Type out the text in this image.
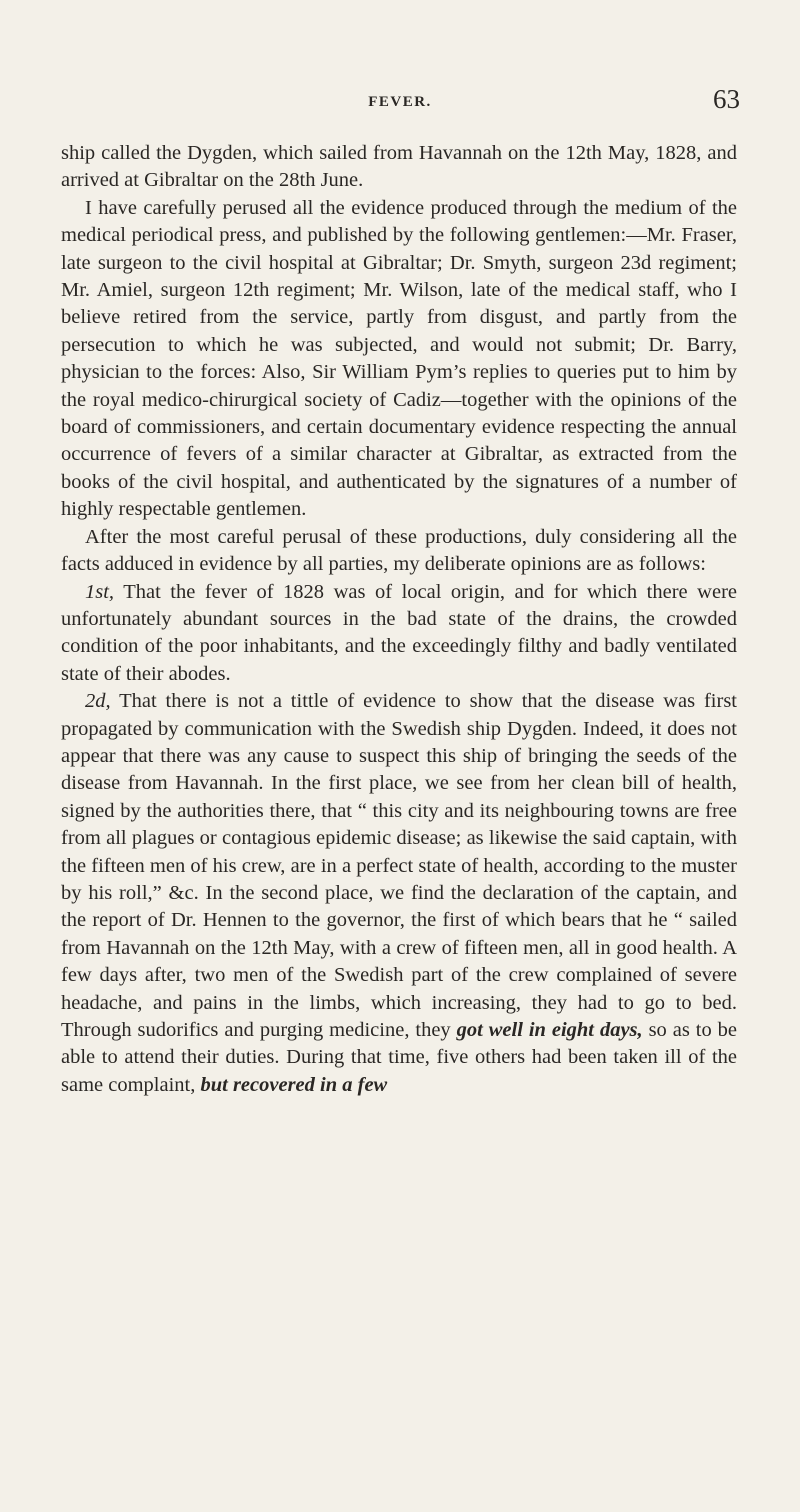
FEVER.	63

ship called the Dygden, which sailed from Havannah on the 12th May, 1828, and arrived at Gibraltar on the 28th June.

I have carefully perused all the evidence produced through the medium of the medical periodical press, and published by the following gentlemen:—Mr. Fraser, late surgeon to the civil hospital at Gibraltar; Dr. Smyth, surgeon 23d regiment; Mr. Amiel, surgeon 12th regiment; Mr. Wilson, late of the medical staff, who I believe retired from the service, partly from disgust, and partly from the persecution to which he was subjected, and would not submit; Dr. Barry, physician to the forces: Also, Sir William Pym’s replies to queries put to him by the royal medico-chirurgical society of Cadiz—together with the opinions of the board of commissioners, and certain documentary evidence respecting the annual occurrence of fevers of a similar character at Gibraltar, as extracted from the books of the civil hospital, and authenticated by the signatures of a number of highly respectable gentlemen.

After the most careful perusal of these productions, duly considering all the facts adduced in evidence by all parties, my deliberate opinions are as follows:

1st, That the fever of 1828 was of local origin, and for which there were unfortunately abundant sources in the bad state of the drains, the crowded condition of the poor inhabitants, and the exceedingly filthy and badly ventilated state of their abodes.

2d, That there is not a tittle of evidence to show that the disease was first propagated by communication with the Swedish ship Dygden. Indeed, it does not appear that there was any cause to suspect this ship of bringing the seeds of the disease from Havannah. In the first place, we see from her clean bill of health, signed by the authorities there, that “ this city and its neighbouring towns are free from all plagues or contagious epidemic disease; as likewise the said captain, with the fifteen men of his crew, are in a perfect state of health, according to the muster by his roll,” &c. In the second place, we find the declaration of the captain, and the report of Dr. Hennen to the governor, the first of which bears that he “ sailed from Havannah on the 12th May, with a crew of fifteen men, all in good health. A few days after, two men of the Swedish part of the crew complained of severe headache, and pains in the limbs, which increasing, they had to go to bed. Through sudorifics and purging medicine, they got well in eight days, so as to be able to attend their duties. During that time, five others had been taken ill of the same complaint, but recovered in a few
